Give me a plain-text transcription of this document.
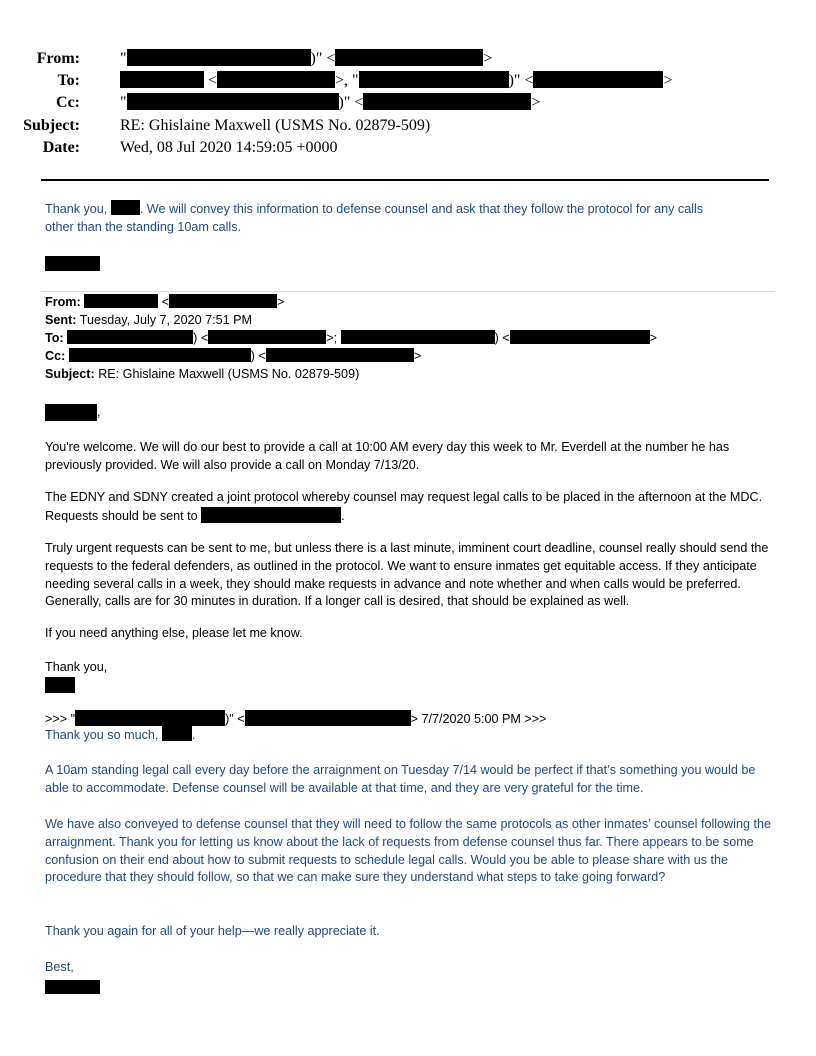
From:	"	)" <	>
To:	<	>, "	)" <	>
Cc:	"	)" <	>
Subject:	RE: Ghislaine Maxwell (USMS No. 02879-509)
Date:	Wed, 08 Jul 2020 14:59:05 +0000
Thank you,	. We will convey this information to defense counsel and ask that they follow the protocol for any calls
other than the standing 10am calls.
From:	<	>
Sent: Tuesday, July 7, 2020 7:51 PM
To:	) <	>;	) <	>
Cc:	) <	>
Subject: RE: Ghislaine Maxwell (USMS No. 02879-509)
,
You're welcome. We will do our best to provide a call at 10:00 AM every day this week to Mr. Everdell at the number he has previously provided. We will also provide a call on Monday 7/13/20.
The EDNY and SDNY created a joint protocol whereby counsel may request legal calls to be placed in the afternoon at the MDC. Requests should be sent to	.
Truly urgent requests can be sent to me, but unless there is a last minute, imminent court deadline, counsel really should send the requests to the federal defenders, as outlined in the protocol. We want to ensure inmates get equitable access. If they anticipate needing several calls in a week, they should make requests in advance and note whether and when calls would be preferred. Generally, calls are for 30 minutes in duration. If a longer call is desired, that should be explained as well.
If you need anything else, please let me know.
Thank you,
>>> "	)" <	> 7/7/2020 5:00 PM >>>
Thank you so much,	.
A 10am standing legal call every day before the arraignment on Tuesday 7/14 would be perfect if that’s something you would be able to accommodate. Defense counsel will be available at that time, and they are very grateful for the time.
We have also conveyed to defense counsel that they will need to follow the same protocols as other inmates’ counsel following the arraignment. Thank you for letting us know about the lack of requests from defense counsel thus far. There appears to be some confusion on their end about how to submit requests to schedule legal calls. Would you be able to please share with us the procedure that they should follow, so that we can make sure they understand what steps to take going forward?
Thank you again for all of your help—we really appreciate it.
Best,
